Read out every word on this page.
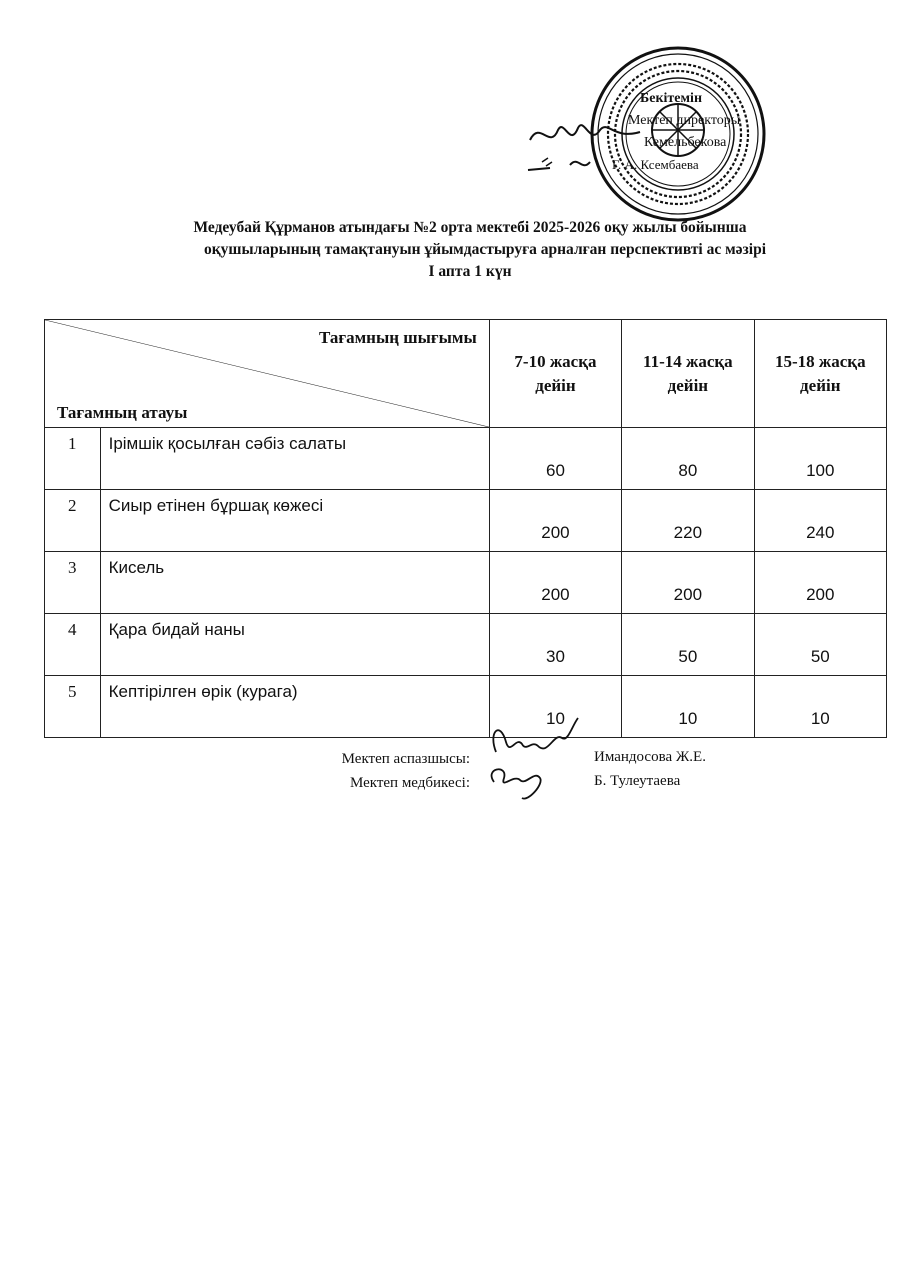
Бекітемін
Мектеп директоры
Кемельбекова
Г. А. Ксембаева
Медеубай Құрманов атындағы №2 орта мектебі 2025-2026 оқу жылы бойынша
оқушыларының тамақтануын ұйымдастыруға арналған перспективті ас мәзірі
І апта 1 күн
Тағамның шығымы
Тағамның атауы		7-10 жасқа дейін	11-14 жасқа дейін	15-18 жасқа дейін
1	Ірімшік қосылған сәбіз салаты	60	80	100
2	Сиыр етінен бұршақ көжесі	200	220	240
3	Кисель	200	200	200
4	Қара бидай наны	30	50	50
5	Кептірілген өрік (курага)	10	10	10
Мектеп аспазшысы:
Мектеп медбикесі:
Имандосова Ж.Е.
Б. Тулеутаева
